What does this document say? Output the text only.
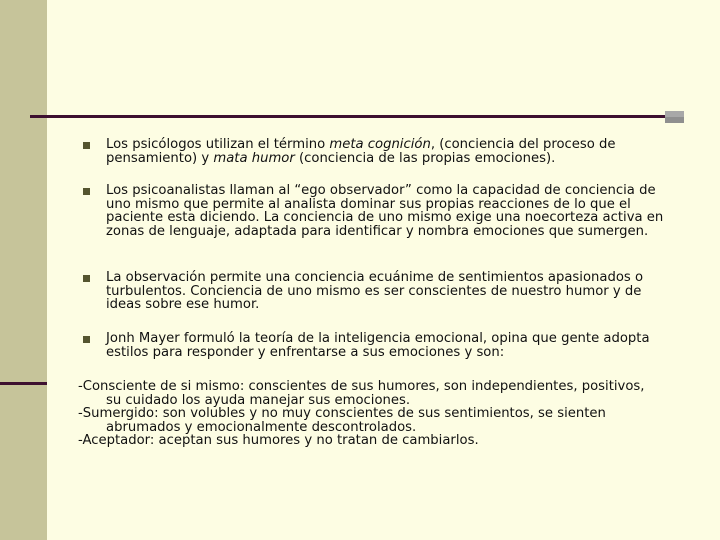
Los psicólogos utilizan el término meta cognición, (conciencia del proceso de pensamiento) y mata humor (conciencia de las propias emociones).
Los psicoanalistas llaman al “ego observador” como la capacidad de conciencia de uno mismo que permite al analista dominar sus propias reacciones de lo que el paciente esta diciendo. La conciencia de uno mismo exige una noecorteza activa en zonas de lenguaje, adaptada para identificar y nombra emociones que sumergen.
La observación permite una conciencia ecuánime de sentimientos apasionados o turbulentos. Conciencia de uno mismo es ser conscientes de nuestro humor y de ideas sobre ese humor.
Jonh Mayer formuló la teoría de la inteligencia emocional, opina que gente adopta estilos para responder y enfrentarse a sus emociones y son:
-Consciente de si mismo: conscientes de sus humores, son independientes, positivos,
su cuidado los ayuda manejar sus emociones.
-Sumergido: son volubles y no muy conscientes de sus sentimientos, se sienten
abrumados y emocionalmente descontrolados.
-Aceptador: aceptan sus humores y no tratan de cambiarlos.
